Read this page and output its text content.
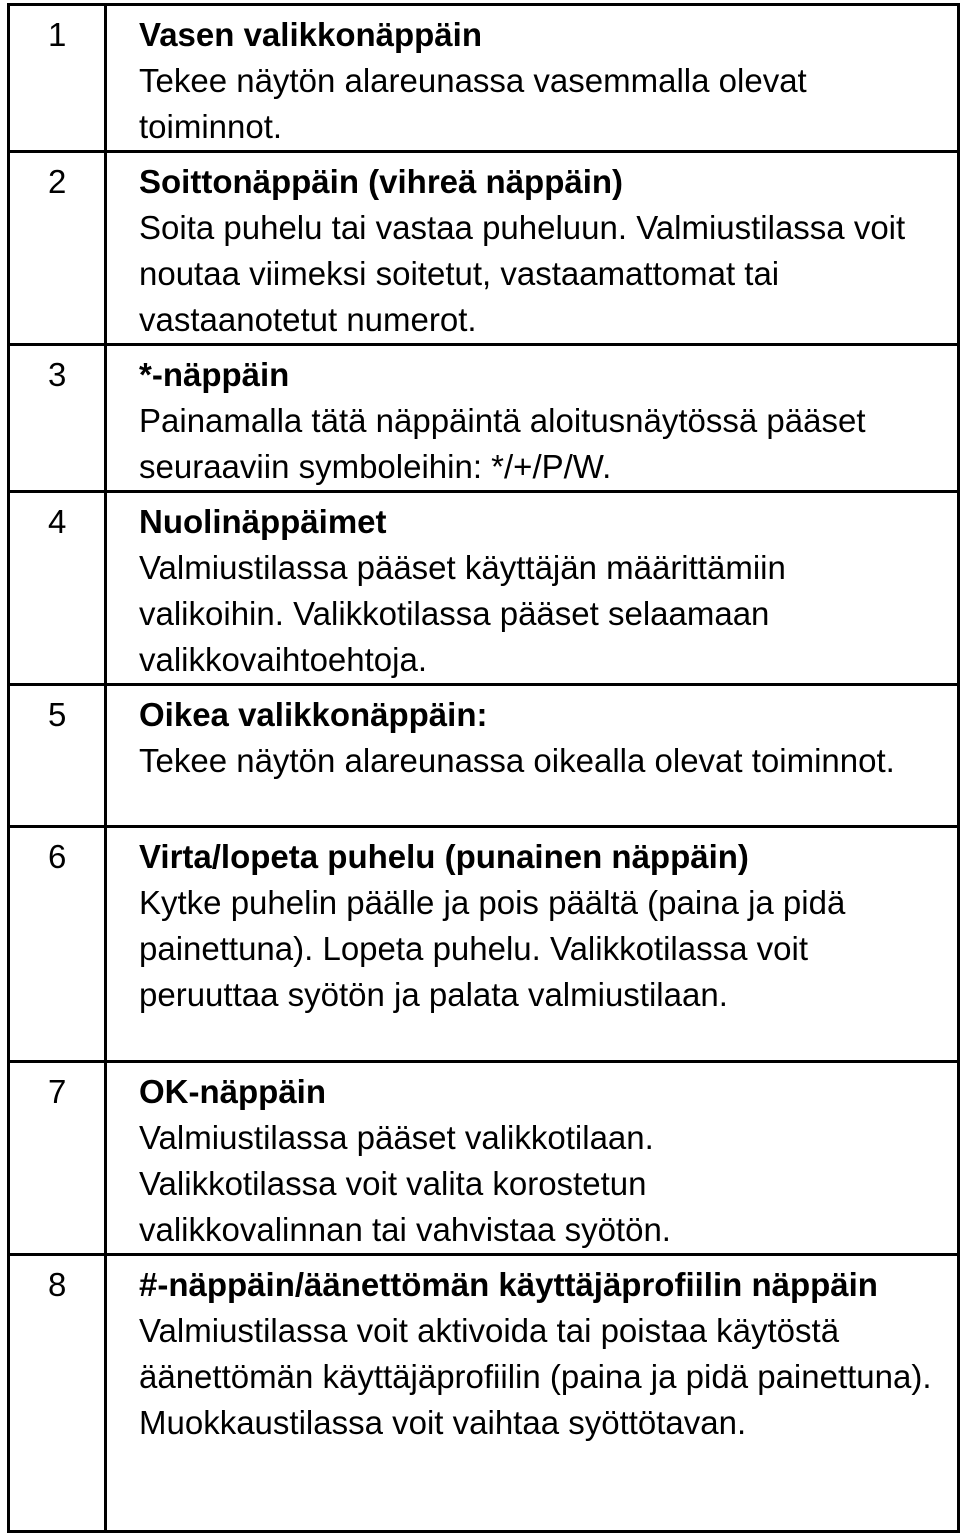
1	Vasen valikkonäppäin
Tekee näytön alareunassa vasemmalla olevat toiminnot.

2	Soittonäppäin (vihreä näppäin)
Soita puhelu tai vastaa puheluun. Valmiustilassa voit noutaa viimeksi soitetut, vastaamattomat tai vastaanotetut numerot.

3	*-näppäin
Painamalla tätä näppäintä aloitusnäytössä pääset seuraaviin symboleihin: */+/P/W.

4	Nuolinäppäimet
Valmiustilassa pääset käyttäjän määrittämiin valikoihin. Valikkotilassa pääset selaamaan valikkovaihtoehtoja.

5	Oikea valikkonäppäin:
Tekee näytön alareunassa oikealla olevat toiminnot.

6	Virta/lopeta puhelu (punainen näppäin)
Kytke puhelin päälle ja pois päältä (paina ja pidä painettuna). Lopeta puhelu. Valikkotilassa voit peruuttaa syötön ja palata valmiustilaan.

7	OK-näppäin
Valmiustilassa pääset valikkotilaan. Valikkotilassa voit valita korostetun valikkovalinnan tai vahvistaa syötön.

8	#-näppäin/äänettömän käyttäjäprofiilin näppäin
Valmiustilassa voit aktivoida tai poistaa käytöstä äänettömän käyttäjäprofiilin (paina ja pidä painettuna). Muokkaustilassa voit vaihtaa syöttötavan.
